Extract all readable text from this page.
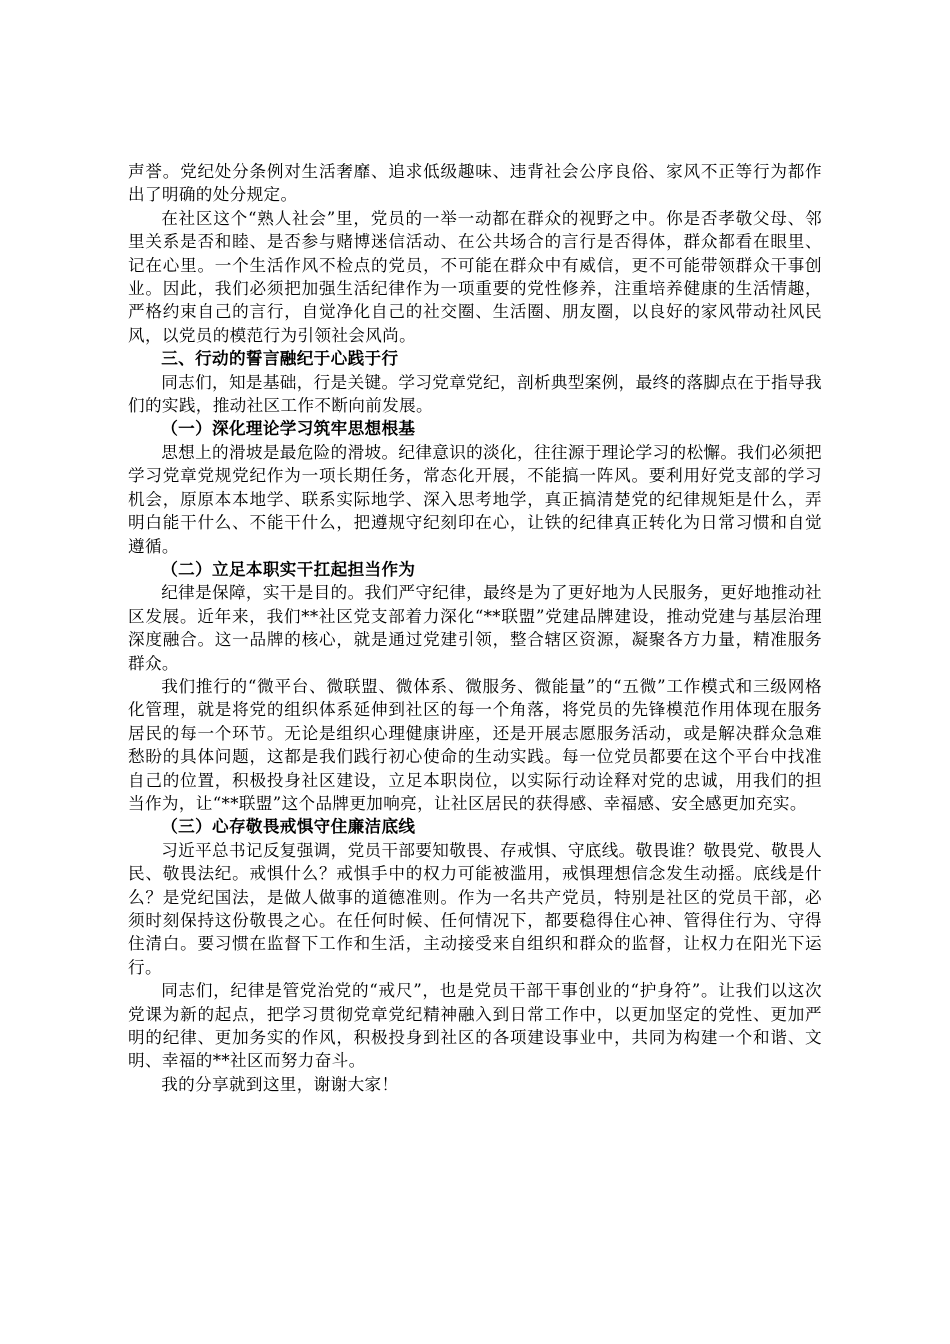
声誉。党纪处分条例对生活奢靡、追求低级趣味、违背社会公序良俗、家风不正等行为都作出了明确的处分规定。

在社区这个“熟人社会”里，党员的一举一动都在群众的视野之中。你是否孝敬父母、邻里关系是否和睦、是否参与赌博迷信活动、在公共场合的言行是否得体，群众都看在眼里、记在心里。一个生活作风不检点的党员，不可能在群众中有威信，更不可能带领群众干事创业。因此，我们必须把加强生活纪律作为一项重要的党性修养，注重培养健康的生活情趣，严格约束自己的言行，自觉净化自己的社交圈、生活圈、朋友圈，以良好的家风带动社风民风，以党员的模范行为引领社会风尚。

三、行动的誓言融纪于心践于行

同志们，知是基础，行是关键。学习党章党纪，剖析典型案例，最终的落脚点在于指导我们的实践，推动社区工作不断向前发展。

（一）深化理论学习筑牢思想根基

思想上的滑坡是最危险的滑坡。纪律意识的淡化，往往源于理论学习的松懈。我们必须把学习党章党规党纪作为一项长期任务，常态化开展，不能搞一阵风。要利用好党支部的学习机会，原原本本地学、联系实际地学、深入思考地学，真正搞清楚党的纪律规矩是什么，弄明白能干什么、不能干什么，把遵规守纪刻印在心，让铁的纪律真正转化为日常习惯和自觉遵循。

（二）立足本职实干扛起担当作为

纪律是保障，实干是目的。我们严守纪律，最终是为了更好地为人民服务，更好地推动社区发展。近年来，我们**社区党支部着力深化“**联盟”党建品牌建设，推动党建与基层治理深度融合。这一品牌的核心，就是通过党建引领，整合辖区资源，凝聚各方力量，精准服务群众。

我们推行的“微平台、微联盟、微体系、微服务、微能量”的“五微”工作模式和三级网格化管理，就是将党的组织体系延伸到社区的每一个角落，将党员的先锋模范作用体现在服务居民的每一个环节。无论是组织心理健康讲座，还是开展志愿服务活动，或是解决群众急难愁盼的具体问题，这都是我们践行初心使命的生动实践。每一位党员都要在这个平台中找准自己的位置，积极投身社区建设，立足本职岗位，以实际行动诠释对党的忠诚，用我们的担当作为，让“**联盟”这个品牌更加响亮，让社区居民的获得感、幸福感、安全感更加充实。

（三）心存敬畏戒惧守住廉洁底线

习近平总书记反复强调，党员干部要知敬畏、存戒惧、守底线。敬畏谁？敬畏党、敬畏人民、敬畏法纪。戒惧什么？戒惧手中的权力可能被滥用，戒惧理想信念发生动摇。底线是什么？是党纪国法，是做人做事的道德准则。作为一名共产党员，特别是社区的党员干部，必须时刻保持这份敬畏之心。在任何时候、任何情况下，都要稳得住心神、管得住行为、守得住清白。要习惯在监督下工作和生活，主动接受来自组织和群众的监督，让权力在阳光下运行。

同志们，纪律是管党治党的“戒尺”，也是党员干部干事创业的“护身符”。让我们以这次党课为新的起点，把学习贯彻党章党纪精神融入到日常工作中，以更加坚定的党性、更加严明的纪律、更加务实的作风，积极投身到社区的各项建设事业中，共同为构建一个和谐、文明、幸福的**社区而努力奋斗。

我的分享就到这里，谢谢大家！
